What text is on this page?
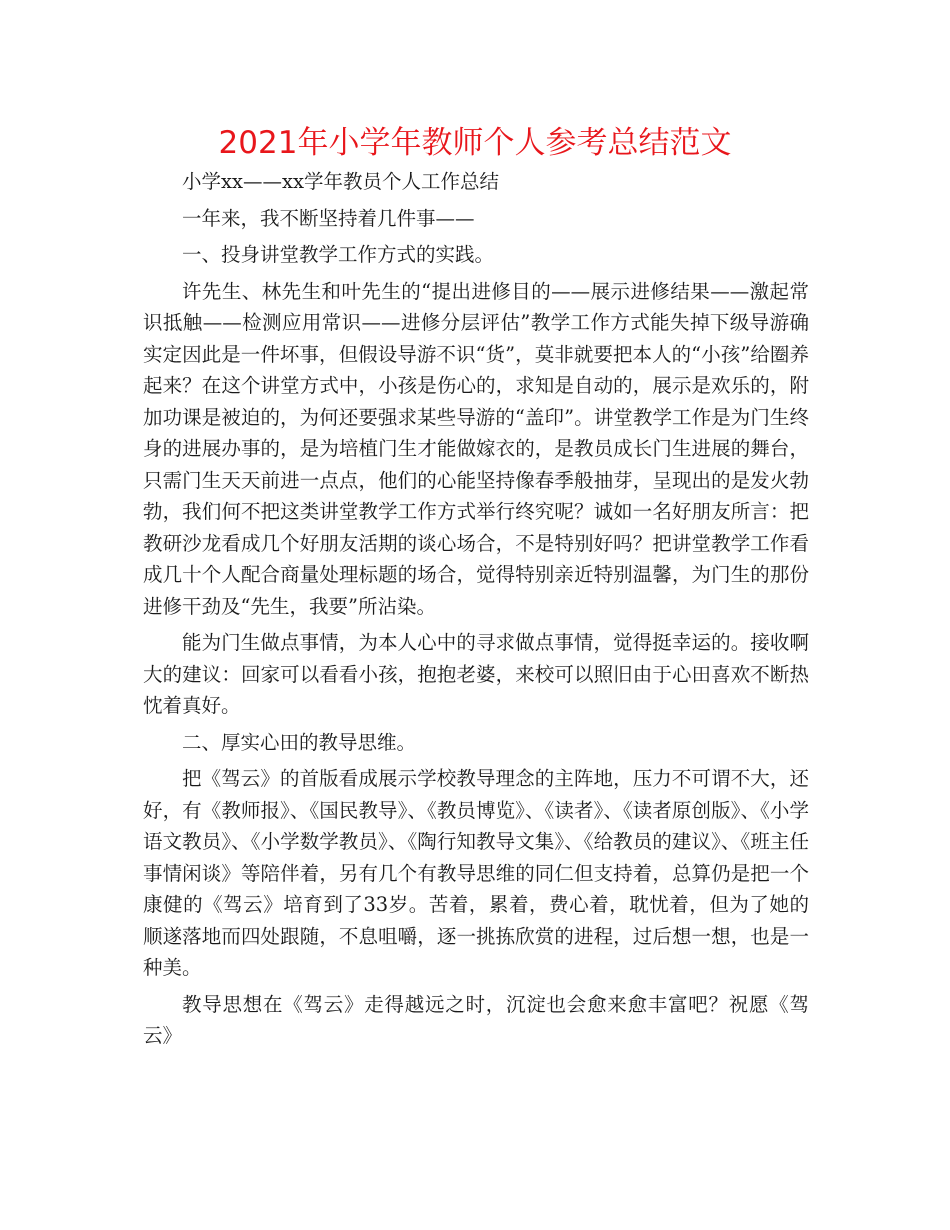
2021年小学年教师个人参考总结范文

小学xx——xx学年教员个人工作总结

一年来，我不断坚持着几件事——

一、投身讲堂教学工作方式的实践。

许先生、林先生和叶先生的“提出进修目的——展示进修结果——激起常识抵触——检测应用常识——进修分层评估”教学工作方式能失掉下级导游确实定因此是一件坏事，但假设导游不识“货”，莫非就要把本人的“小孩”给圈养起来？在这个讲堂方式中，小孩是伤心的，求知是自动的，展示是欢乐的，附加功课是被迫的，为何还要强求某些导游的“盖印”。讲堂教学工作是为门生终身的进展办事的，是为培植门生才能做嫁衣的，是教员成长门生进展的舞台，只需门生天天前进一点点，他们的心能坚持像春季般抽芽，呈现出的是发火勃勃，我们何不把这类讲堂教学工作方式举行终究呢？诚如一名好朋友所言：把教研沙龙看成几个好朋友活期的谈心场合，不是特别好吗？把讲堂教学工作看成几十个人配合商量处理标题的场合，觉得特别亲近特别温馨，为门生的那份进修干劲及“先生，我要”所沾染。

能为门生做点事情，为本人心中的寻求做点事情，觉得挺幸运的。接收啊大的建议：回家可以看看小孩，抱抱老婆，来校可以照旧由于心田喜欢不断热忱着真好。

二、厚实心田的教导思维。

把《驾云》的首版看成展示学校教导理念的主阵地，压力不可谓不大，还好，有《教师报》、《国民教导》、《教员博览》、《读者》、《读者原创版》、《小学语文教员》、《小学数学教员》、《陶行知教导文集》、《给教员的建议》、《班主任事情闲谈》等陪伴着，另有几个有教导思维的同仁但支持着，总算仍是把一个康健的《驾云》培育到了33岁。苦着，累着，费心着，耽忧着，但为了她的顺遂落地而四处跟随，不息咀嚼，逐一挑拣欣赏的进程，过后想一想，也是一种美。

教导思想在《驾云》走得越远之时，沉淀也会愈来愈丰富吧？祝愿《驾云》
